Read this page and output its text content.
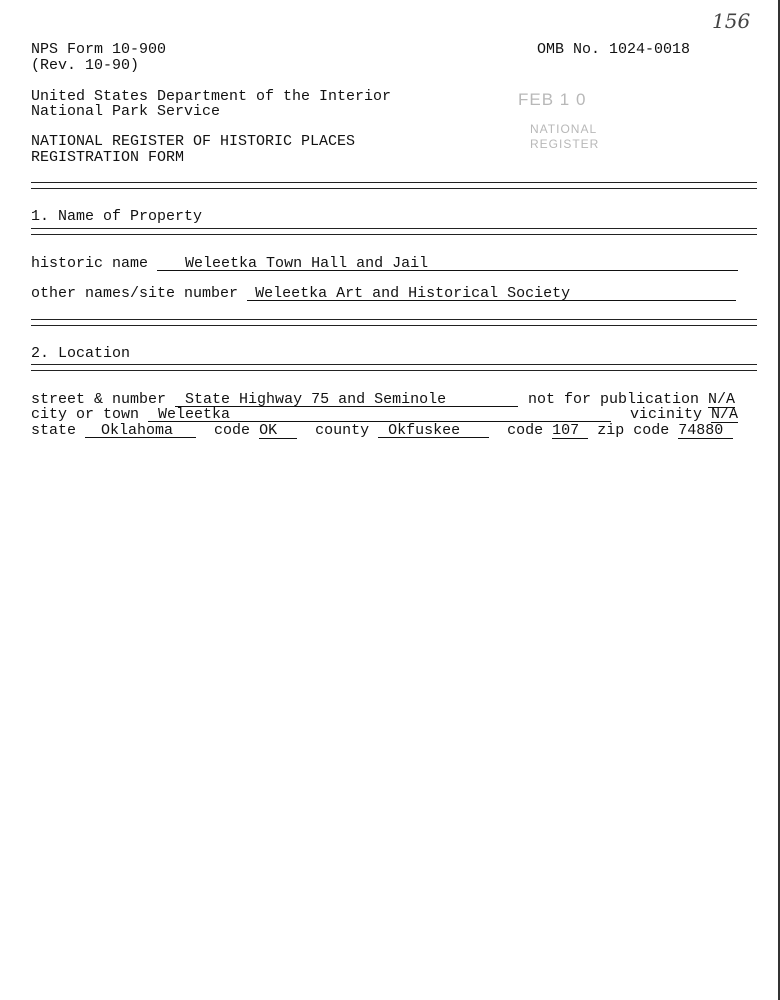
156
NPS Form 10-900
(Rev. 10-90)
OMB No. 1024-0018
United States Department of the Interior
National Park Service
FEB 1 0
NATIONAL
REGISTER
NATIONAL REGISTER OF HISTORIC PLACES
REGISTRATION FORM
1. Name of Property
historic name Weleetka Town Hall and Jail
other names/site number Weleetka Art and Historical Society
2. Location
street & number State Highway 75 and Seminole	not for publication N/A
city or town Weleetka	vicinity N/A
state Oklahoma	code OK	county Okfuskee	code 107 zip code 74880
